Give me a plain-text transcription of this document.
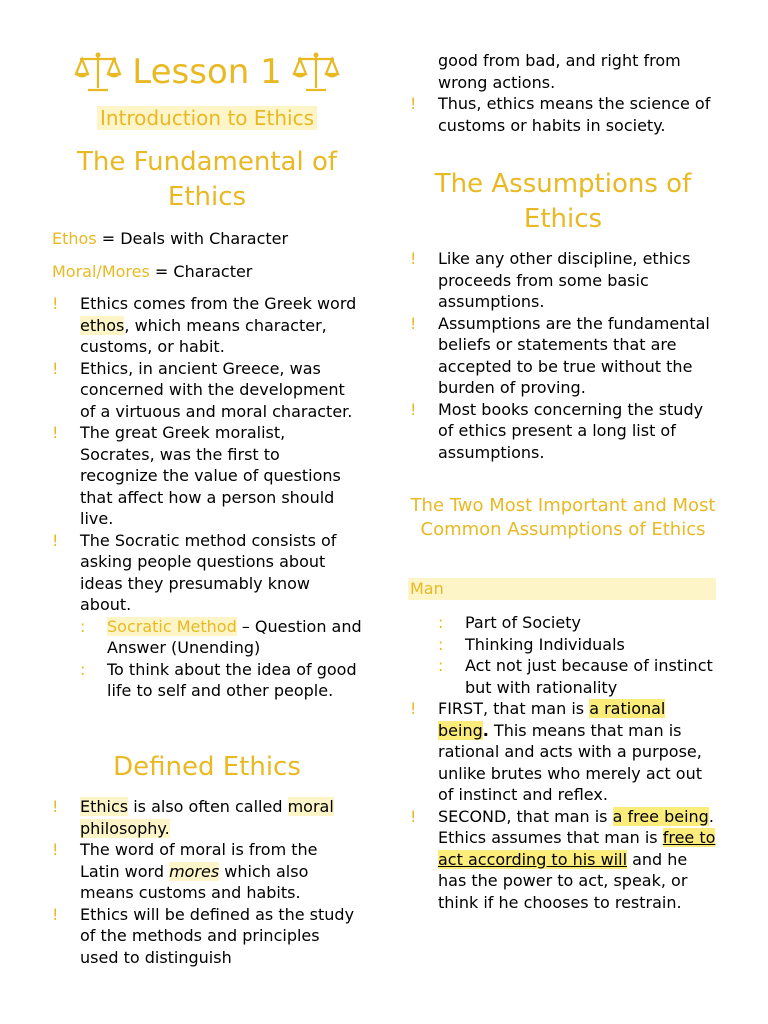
Lesson 1
Introduction to Ethics
The Fundamental of
Ethics

Ethos = Deals with Character

Moral/Mores = Character

! Ethics comes from the Greek word ethos, which means character, customs, or habit.
! Ethics, in ancient Greece, was concerned with the development of a virtuous and moral character.
! The great Greek moralist, Socrates, was the first to recognize the value of questions that affect how a person should live.
! The Socratic method consists of asking people questions about ideas they presumably know about.
: Socratic Method – Question and Answer (Unending)
: To think about the idea of good life to self and other people.
Defined Ethics
! Ethics is also often called moral philosophy.
! The word of moral is from the Latin word mores which also means customs and habits.
! Ethics will be defined as the study of the methods and principles used to distinguish
good from bad, and right from wrong actions.
! Thus, ethics means the science of customs or habits in society.
The Assumptions of
Ethics
! Like any other discipline, ethics proceeds from some basic assumptions.
! Assumptions are the fundamental beliefs or statements that are accepted to be true without the burden of proving.
! Most books concerning the study of ethics present a long list of assumptions.
The Two Most Important and Most Common Assumptions of Ethics
Man
: Part of Society
: Thinking Individuals
: Act not just because of instinct but with rationality
! FIRST, that man is a rational being. This means that man is rational and acts with a purpose, unlike brutes who merely act out of instinct and reflex.
! SECOND, that man is a free being. Ethics assumes that man is free to act according to his will and he has the power to act, speak, or think if he chooses to restrain.
